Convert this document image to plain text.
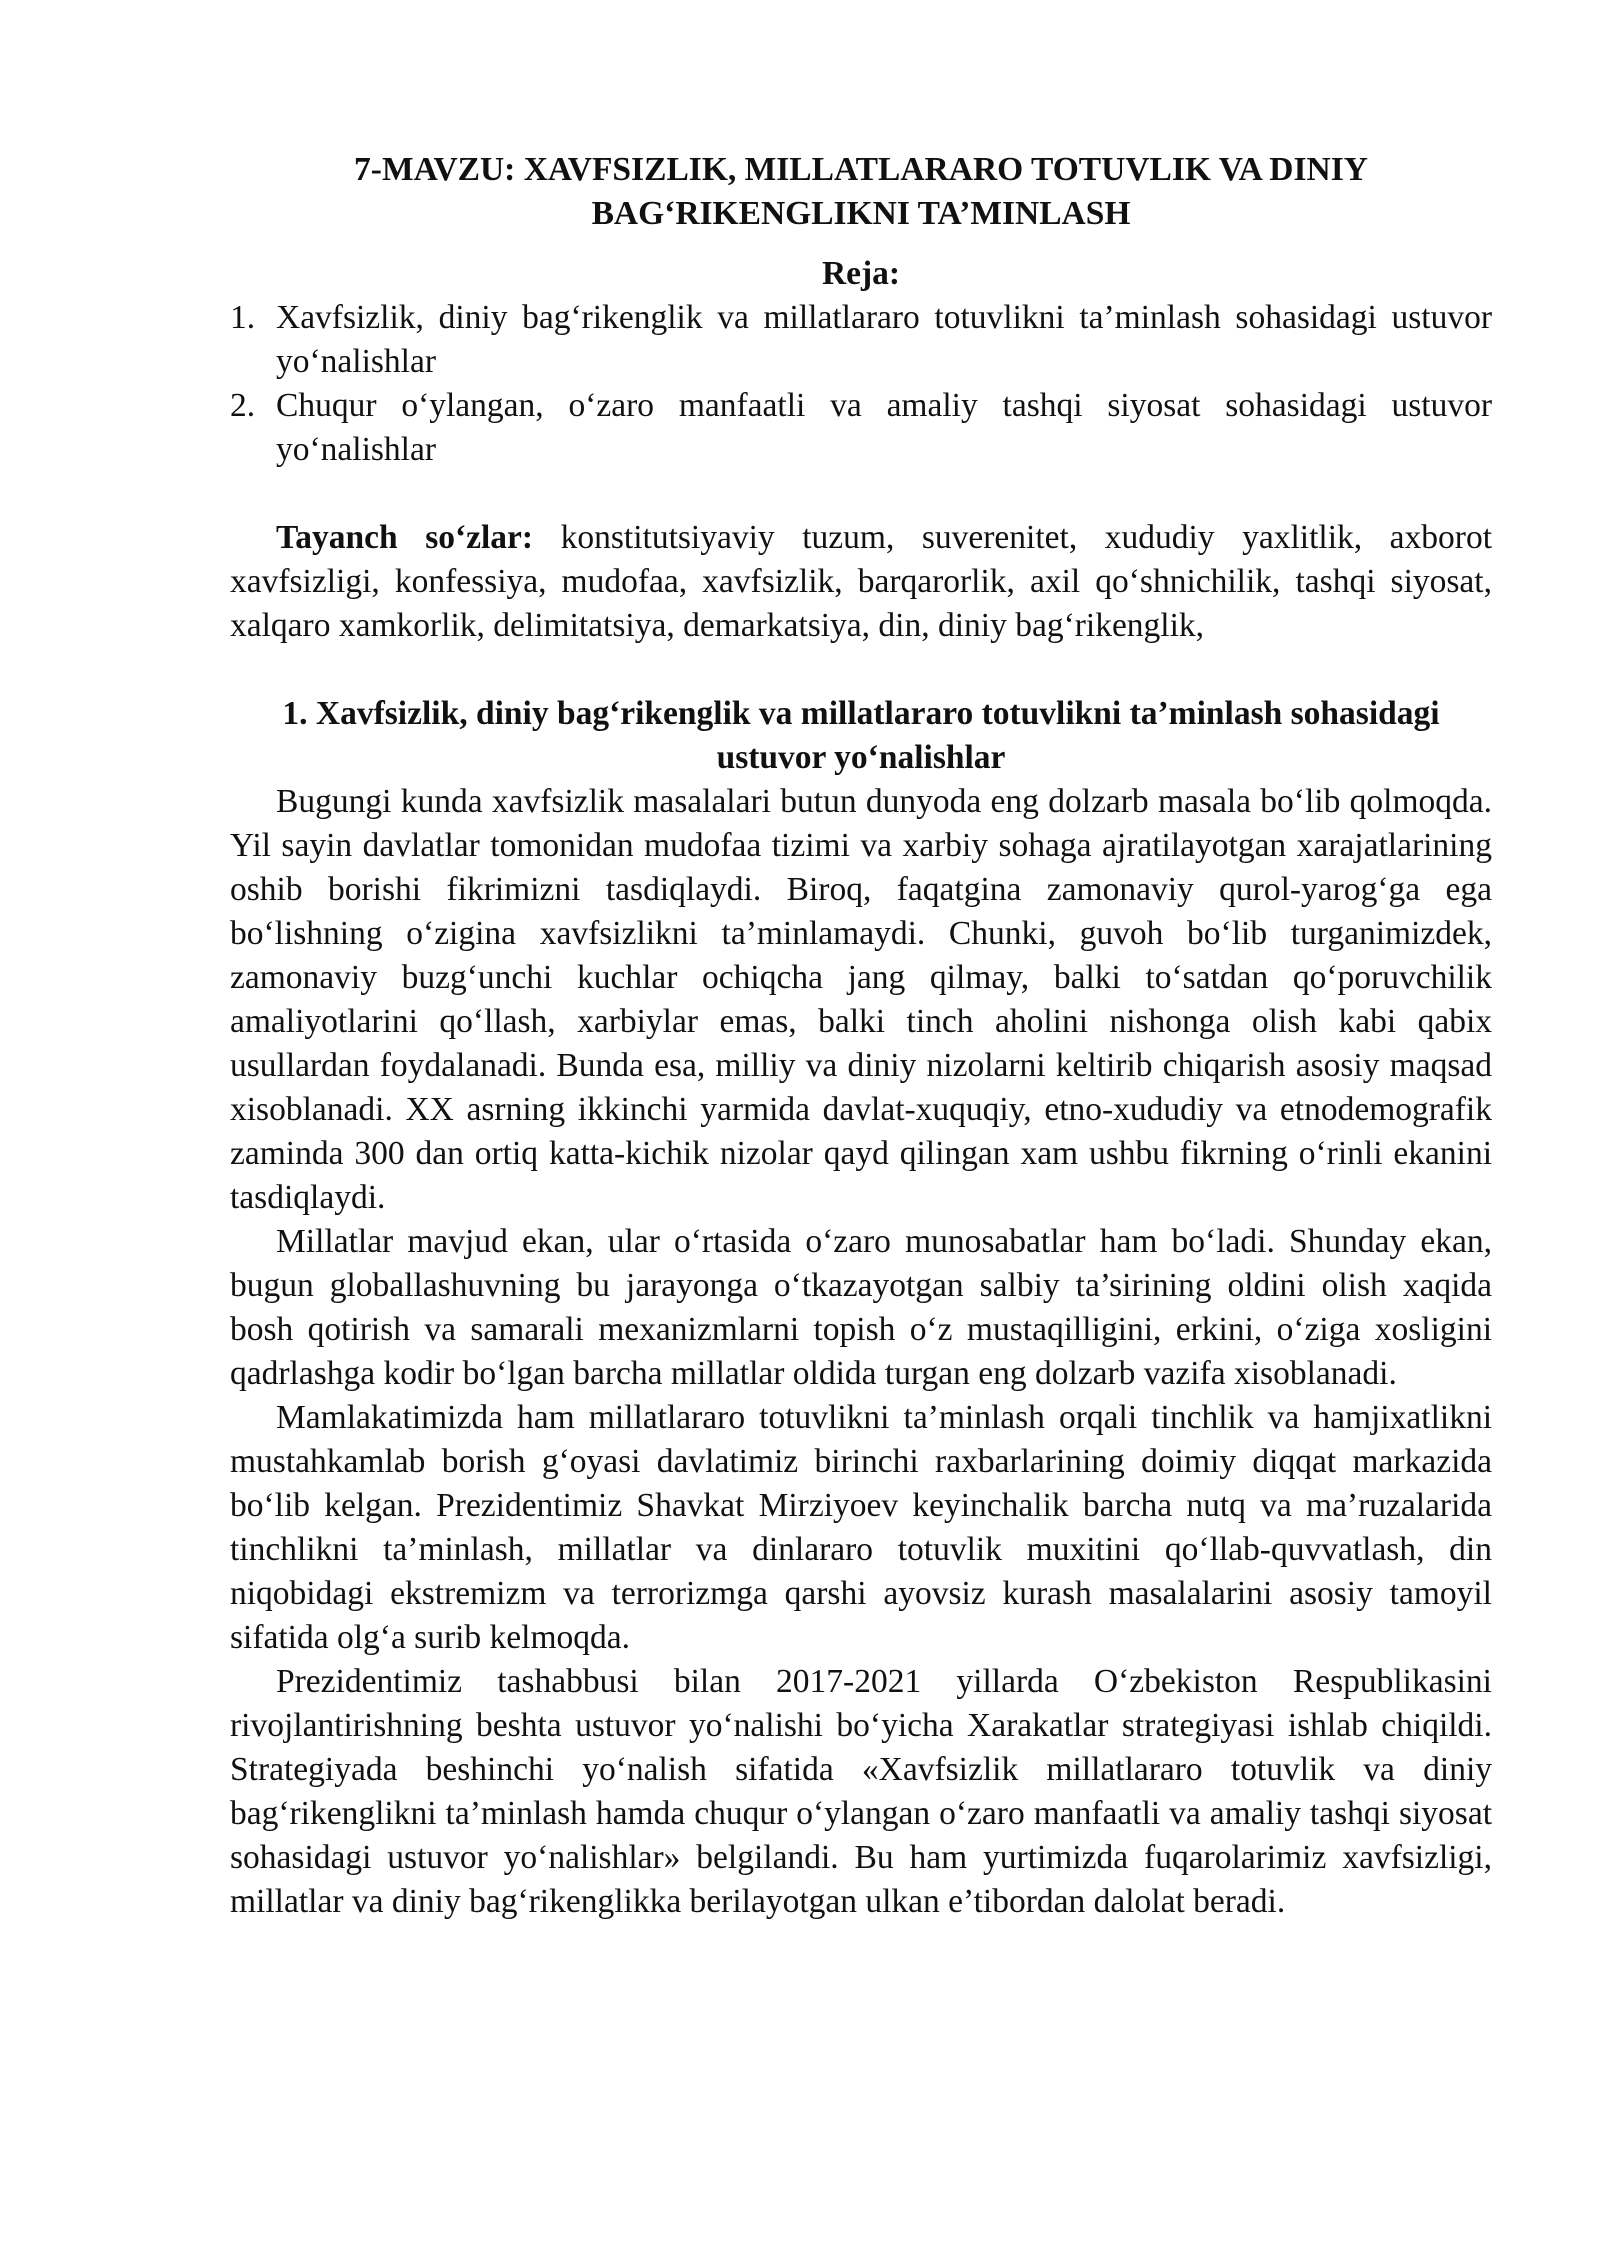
7-MAVZU: XAVFSIZLIK, MILLATLARARO TOTUVLIK VA DINIY BAG‘RIKENGLIKNI TA’MINLASH
Reja:
1. Xavfsizlik, diniy bag‘rikenglik va millatlararo totuvlikni ta’minlash sohasidagi ustuvor yo‘nalishlar
2. Chuqur o‘ylangan, o‘zaro manfaatli va amaliy tashqi siyosat sohasidagi ustuvor yo‘nalishlar

Tayanch so‘zlar: konstitutsiyaviy tuzum, suverenitet, xududiy yaxlitlik, axborot xavfsizligi, konfessiya, mudofaa, xavfsizlik, barqarorlik, axil qo‘shnichilik, tashqi siyosat, xalqaro xamkorlik, delimitatsiya, demarkatsiya, din, diniy bag‘rikenglik,

1. Xavfsizlik, diniy bag‘rikenglik va millatlararo totuvlikni ta’minlash sohasidagi ustuvor yo‘nalishlar

Bugungi kunda xavfsizlik masalalari butun dunyoda eng dolzarb masala bo‘lib qolmoqda. Yil sayin davlatlar tomonidan mudofaa tizimi va xarbiy sohaga ajratilayotgan xarajatlarining oshib borishi fikrimizni tasdiqlaydi. Biroq, faqatgina zamonaviy qurol-yarog‘ga ega bo‘lishning o‘zigina xavfsizlikni ta’minlamaydi. Chunki, guvoh bo‘lib turganimizdek, zamonaviy buzg‘unchi kuchlar ochiqcha jang qilmay, balki to‘satdan qo‘poruvchilik amaliyotlarini qo‘llash, xarbiylar emas, balki tinch aholini nishonga olish kabi qabix usullardan foydalanadi. Bunda esa, milliy va diniy nizolarni keltirib chiqarish asosiy maqsad xisoblanadi. XX asrning ikkinchi yarmida davlat-xuquqiy, etno-xududiy va etnodemografik zaminda 300 dan ortiq katta-kichik nizolar qayd qilingan xam ushbu fikrning o‘rinli ekanini tasdiqlaydi.

Millatlar mavjud ekan, ular o‘rtasida o‘zaro munosabatlar ham bo‘ladi. Shunday ekan, bugun globallashuvning bu jarayonga o‘tkazayotgan salbiy ta’sirining oldini olish xaqida bosh qotirish va samarali mexanizmlarni topish o‘z mustaqilligini, erkini, o‘ziga xosligini qadrlashga kodir bo‘lgan barcha millatlar oldida turgan eng dolzarb vazifa xisoblanadi.

Mamlakatimizda ham millatlararo totuvlikni ta’minlash orqali tinchlik va hamjixatlikni mustahkamlab borish g‘oyasi davlatimiz birinchi raxbarlarining doimiy diqqat markazida bo‘lib kelgan. Prezidentimiz Shavkat Mirziyoev keyinchalik barcha nutq va ma’ruzalarida tinchlikni ta’minlash, millatlar va dinlararo totuvlik muxitini qo‘llab-quvvatlash, din niqobidagi ekstremizm va terrorizmga qarshi ayovsiz kurash masalalarini asosiy tamoyil sifatida olg‘a surib kelmoqda.

Prezidentimiz tashabbusi bilan 2017-2021 yillarda O‘zbekiston Respublikasini rivojlantirishning beshta ustuvor yo‘nalishi bo‘yicha Xarakatlar strategiyasi ishlab chiqildi. Strategiyada beshinchi yo‘nalish sifatida «Xavfsizlik millatlararo totuvlik va diniy bag‘rikenglikni ta’minlash hamda chuqur o‘ylangan o‘zaro manfaatli va amaliy tashqi siyosat sohasidagi ustuvor yo‘nalishlar» belgilandi. Bu ham yurtimizda fuqarolarimiz xavfsizligi, millatlar va diniy bag‘rikenglikka berilayotgan ulkan e’tibordan dalolat beradi.
